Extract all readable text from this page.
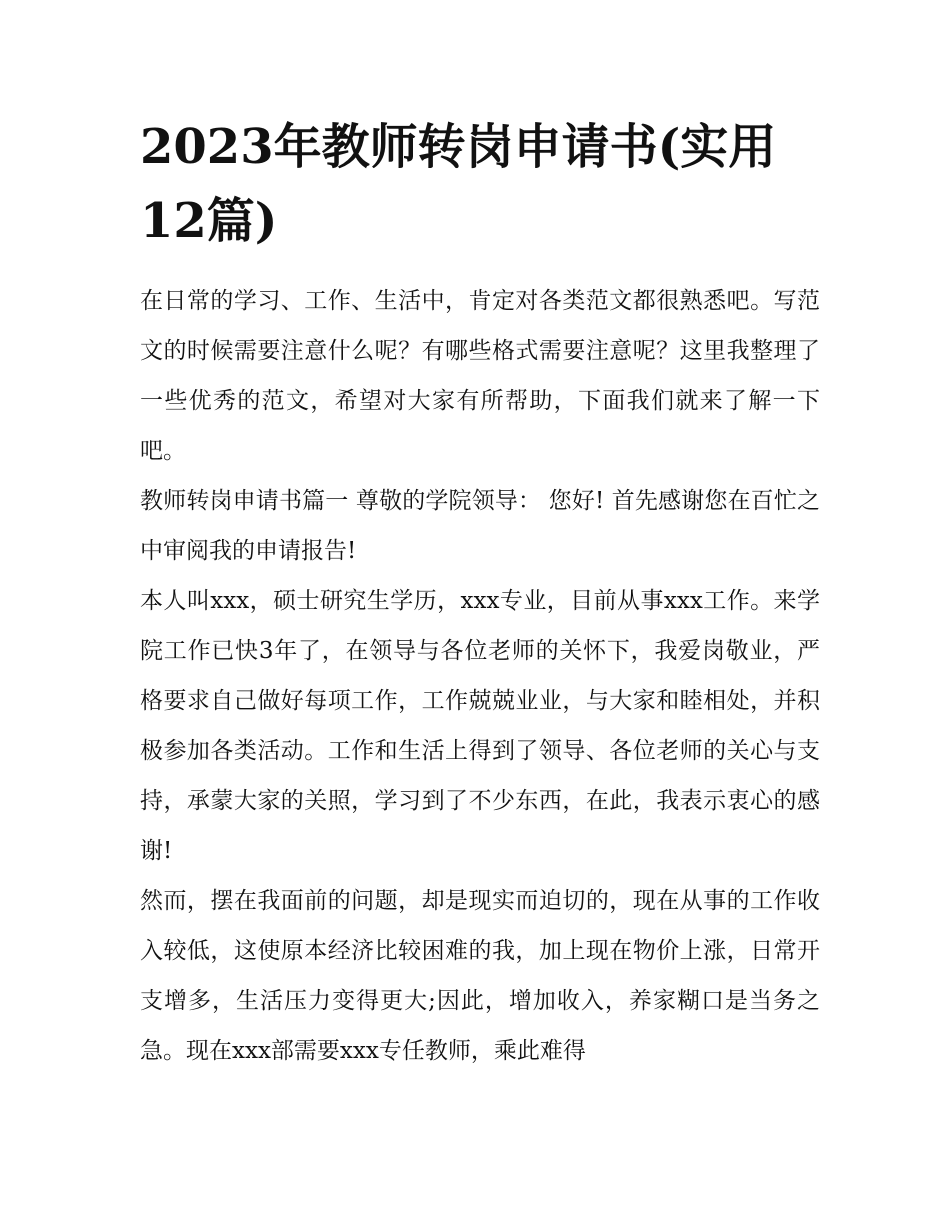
2023年教师转岗申请书(实用12篇)

在日常的学习、工作、生活中，肯定对各类范文都很熟悉吧。写范文的时候需要注意什么呢？有哪些格式需要注意呢？这里我整理了一些优秀的范文，希望对大家有所帮助，下面我们就来了解一下吧。

教师转岗申请书篇一 尊敬的学院领导： 您好! 首先感谢您在百忙之中审阅我的申请报告!

本人叫xxx，硕士研究生学历，xxx专业，目前从事xxx工作。来学院工作已快3年了，在领导与各位老师的关怀下，我爱岗敬业，严格要求自己做好每项工作，工作兢兢业业，与大家和睦相处，并积极参加各类活动。工作和生活上得到了领导、各位老师的关心与支持，承蒙大家的关照，学习到了不少东西，在此，我表示衷心的感谢!

然而，摆在我面前的问题，却是现实而迫切的，现在从事的工作收入较低，这使原本经济比较困难的我，加上现在物价上涨，日常开支增多，生活压力变得更大;因此，增加收入，养家糊口是当务之急。现在xxx部需要xxx专任教师，乘此难得
